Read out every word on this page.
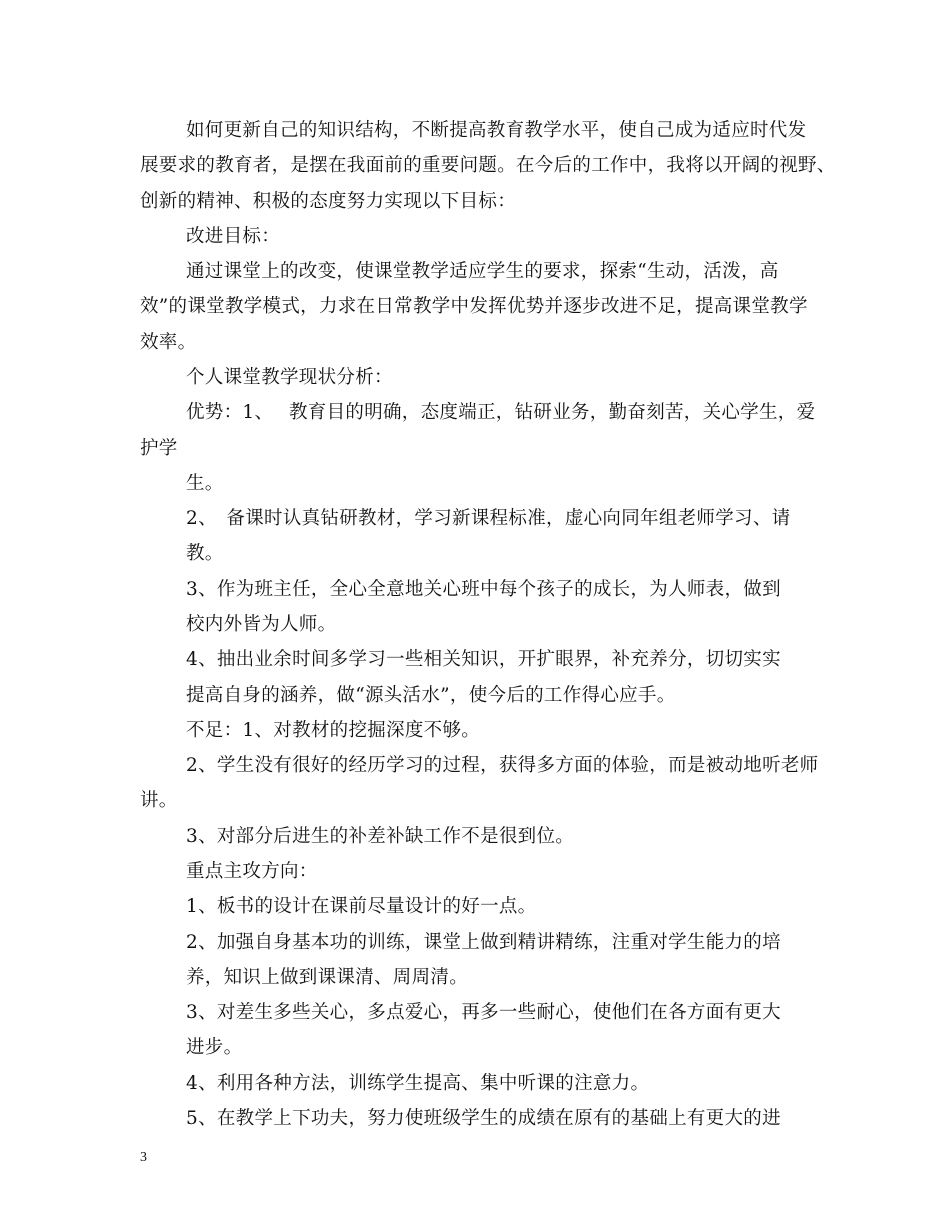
如何更新自己的知识结构，不断提高教育教学水平，使自己成为适应时代发
展要求的教育者，是摆在我面前的重要问题。在今后的工作中，我将以开阔的视野、
创新的精神、积极的态度努力实现以下目标：
改进目标：
通过课堂上的改变，使课堂教学适应学生的要求，探索“生动，活泼，高
效”的课堂教学模式，力求在日常教学中发挥优势并逐步改进不足，提高课堂教学
效率。
个人课堂教学现状分析：
优势：1、　 教育目的明确，态度端正，钻研业务，勤奋刻苦，关心学生，爱
护学
生。
2、　备课时认真钻研教材，学习新课程标准，虚心向同年组老师学习、请
教。
3、作为班主任，全心全意地关心班中每个孩子的成长，为人师表，做到
校内外皆为人师。
4、抽出业余时间多学习一些相关知识，开扩眼界，补充养分，切切实实
提高自身的涵养，做“源头活水”，使今后的工作得心应手。
不足：1、对教材的挖掘深度不够。
2、学生没有很好的经历学习的过程，获得多方面的体验，而是被动地听老师
讲。
3、对部分后进生的补差补缺工作不是很到位。
重点主攻方向：
1、板书的设计在课前尽量设计的好一点。
2、加强自身基本功的训练，课堂上做到精讲精练，注重对学生能力的培
养，知识上做到课课清、周周清。
3、对差生多些关心，多点爱心，再多一些耐心，使他们在各方面有更大
进步。
4、利用各种方法，训练学生提高、集中听课的注意力。
5、在教学上下功夫，努力使班级学生的成绩在原有的基础上有更大的进
3
